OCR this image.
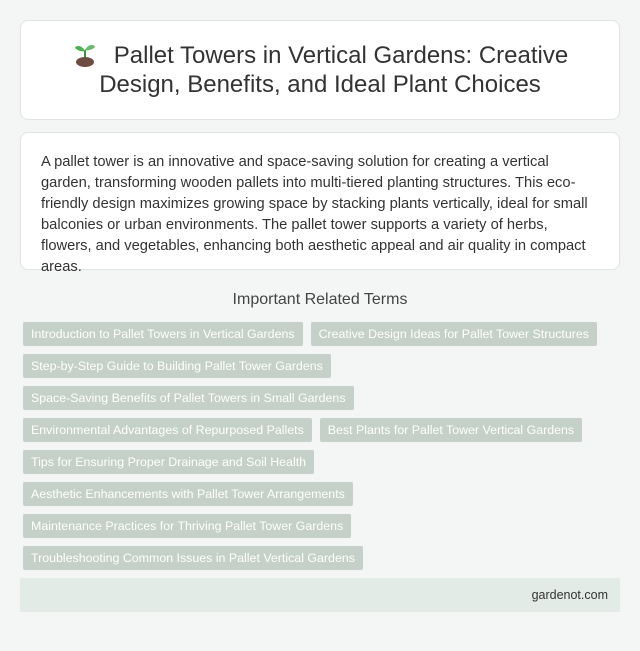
Pallet Towers in Vertical Gardens: Creative Design, Benefits, and Ideal Plant Choices

A pallet tower is an innovative and space-saving solution for creating a vertical garden, transforming wooden pallets into multi-tiered planting structures. This eco-friendly design maximizes growing space by stacking plants vertically, ideal for small balconies or urban environments. The pallet tower supports a variety of herbs, flowers, and vegetables, enhancing both aesthetic appeal and air quality in compact areas.

Important Related Terms
Introduction to Pallet Towers in Vertical Gardens	Creative Design Ideas for Pallet Tower Structures
Step-by-Step Guide to Building Pallet Tower Gardens
Space-Saving Benefits of Pallet Towers in Small Gardens
Environmental Advantages of Repurposed Pallets	Best Plants for Pallet Tower Vertical Gardens
Tips for Ensuring Proper Drainage and Soil Health
Aesthetic Enhancements with Pallet Tower Arrangements
Maintenance Practices for Thriving Pallet Tower Gardens
Troubleshooting Common Issues in Pallet Vertical Gardens
gardenot.com
